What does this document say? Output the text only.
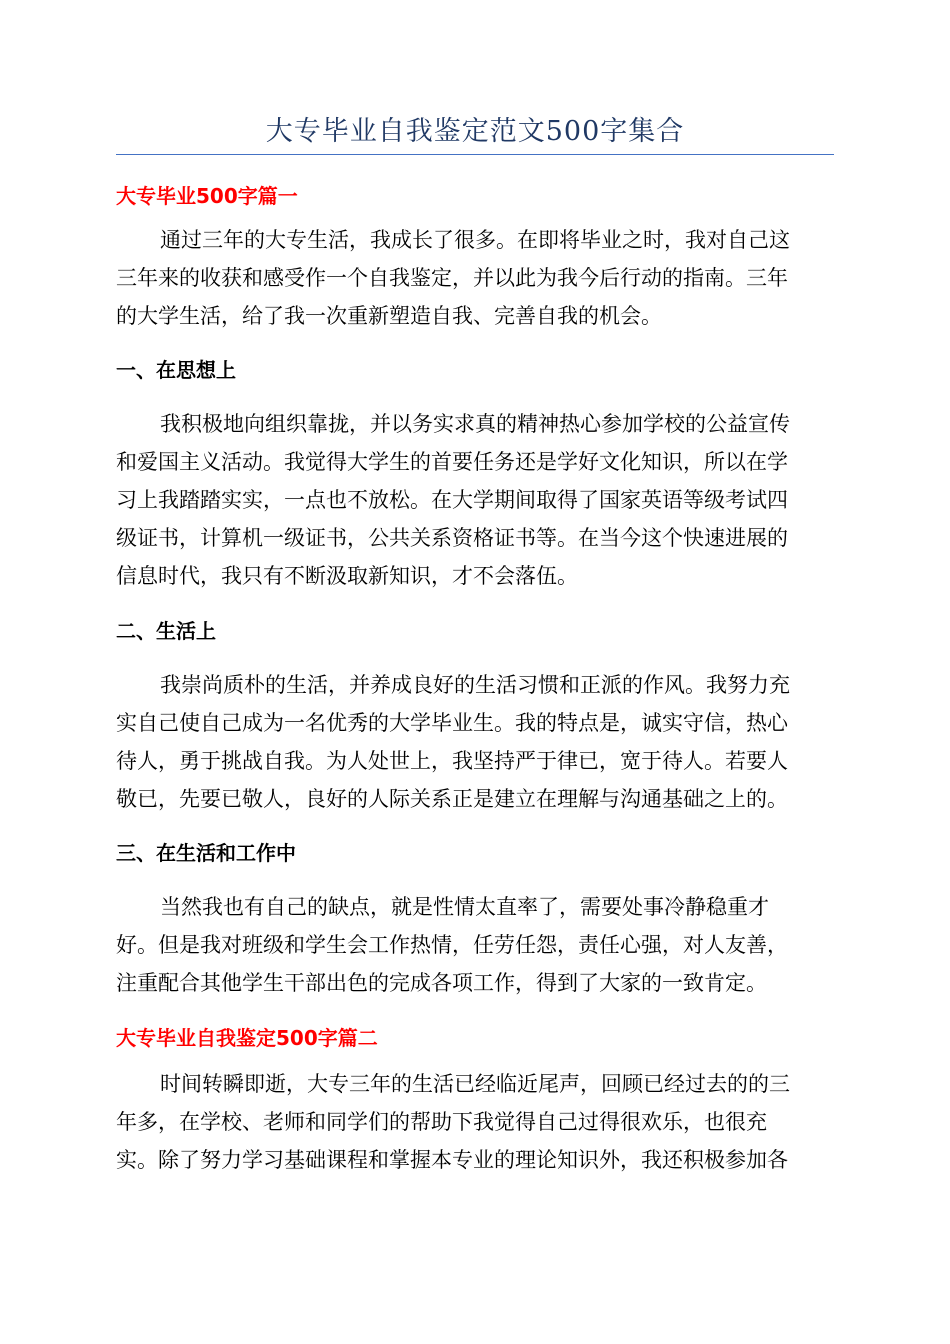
大专毕业自我鉴定范文500字集合
大专毕业500字篇一
通过三年的大专生活，我成长了很多。在即将毕业之时，我对自己这
三年来的收获和感受作一个自我鉴定，并以此为我今后行动的指南。三年
的大学生活，给了我一次重新塑造自我、完善自我的机会。
一、在思想上
我积极地向组织靠拢，并以务实求真的精神热心参加学校的公益宣传
和爱国主义活动。我觉得大学生的首要任务还是学好文化知识，所以在学
习上我踏踏实实，一点也不放松。在大学期间取得了国家英语等级考试四
级证书，计算机一级证书，公共关系资格证书等。在当今这个快速进展的
信息时代，我只有不断汲取新知识，才不会落伍。
二、生活上
我崇尚质朴的生活，并养成良好的生活习惯和正派的作风。我努力充
实自己使自己成为一名优秀的大学毕业生。我的特点是，诚实守信，热心
待人，勇于挑战自我。为人处世上，我坚持严于律已，宽于待人。若要人
敬已，先要已敬人，良好的人际关系正是建立在理解与沟通基础之上的。
三、在生活和工作中
当然我也有自己的缺点，就是性情太直率了，需要处事冷静稳重才
好。但是我对班级和学生会工作热情，任劳任怨，责任心强，对人友善，
注重配合其他学生干部出色的完成各项工作，得到了大家的一致肯定。
大专毕业自我鉴定500字篇二
时间转瞬即逝，大专三年的生活已经临近尾声，回顾已经过去的的三
年多，在学校、老师和同学们的帮助下我觉得自己过得很欢乐，也很充
实。除了努力学习基础课程和掌握本专业的理论知识外，我还积极参加各
